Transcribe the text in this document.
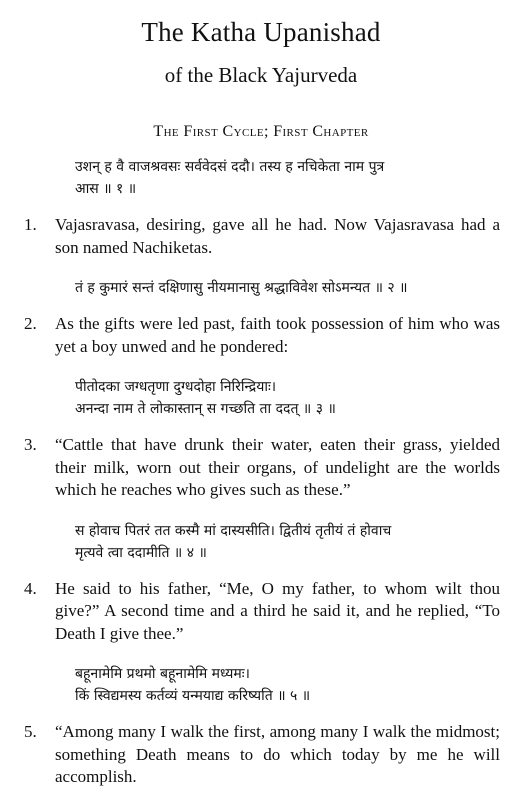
The Katha Upanishad
of the Black Yajurveda
The First Cycle; First Chapter
उशन् ह वै वाजश्रवसः सर्ववेदसं ददौ। तस्य ह नचिकेता नाम पुत्र
आस ॥ १ ॥
1.	Vajasravasa, desiring, gave all he had. Now Vajasravasa had a son named Nachiketas.
तं ह कुमारं सन्तं दक्षिणासु नीयमानासु श्रद्धाविवेश सोऽमन्यत ॥ २ ॥
2.	As the gifts were led past, faith took possession of him who was yet a boy unwed and he pondered:
पीतोदका जग्धतृणा दुग्धदोहा निरिन्द्रियाः।
अनन्दा नाम ते लोकास्तान् स गच्छति ता ददत् ॥ ३ ॥
3.	“Cattle that have drunk their water, eaten their grass, yielded their milk, worn out their organs, of undelight are the worlds which he reaches who gives such as these.”
स होवाच पितरं तत कस्मै मां दास्यसीति। द्वितीयं तृतीयं तं होवाच
मृत्यवे त्वा ददामीति ॥ ४ ॥
4.	He said to his father, “Me, O my father, to whom wilt thou give?” A second time and a third he said it, and he replied, “To Death I give thee.”
बहूनामेमि प्रथमो बहूनामेमि मध्यमः।
किं स्विद्यमस्य कर्तव्यं यन्मयाद्य करिष्यति ॥ ५ ॥
5.	“Among many I walk the first, among many I walk the midmost; something Death means to do which today by me he will accomplish.
